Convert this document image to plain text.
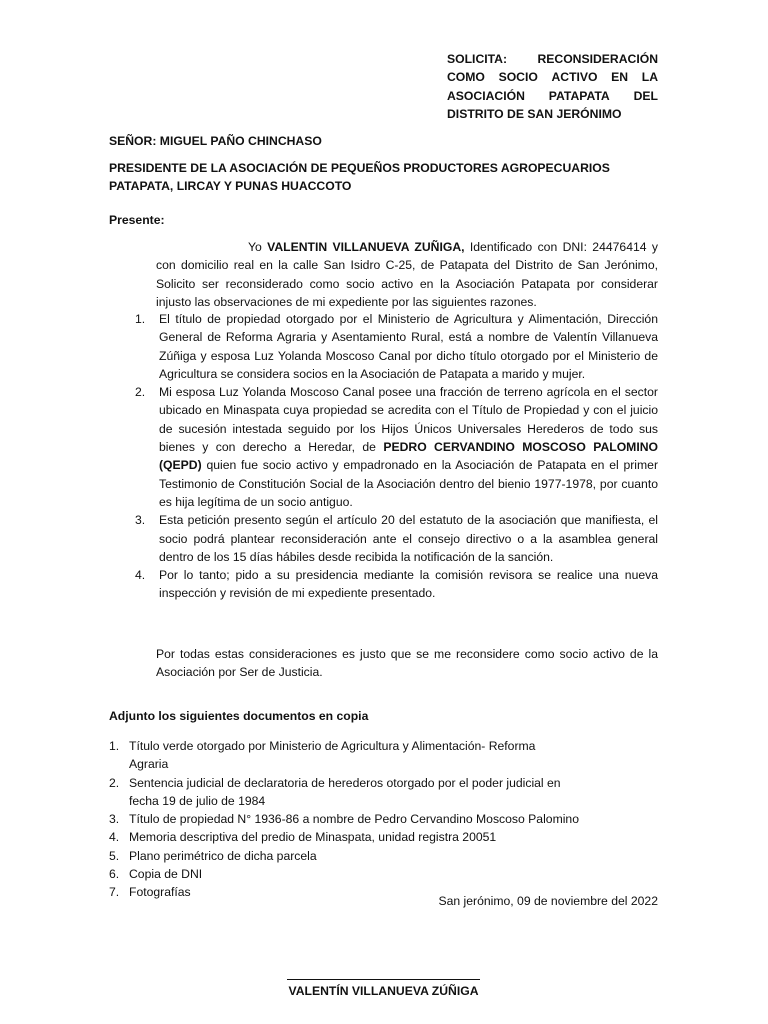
SOLICITA: RECONSIDERACIÓN
COMO SOCIO ACTIVO EN LA
ASOCIACIÓN PATAPATA DEL
DISTRITO DE SAN JERÓNIMO
SEÑOR: MIGUEL PAÑO CHINCHASO
PRESIDENTE DE LA ASOCIACIÓN DE PEQUEÑOS PRODUCTORES AGROPECUARIOS
PATAPATA, LIRCAY Y PUNAS HUACCOTO
Presente:
Yo VALENTIN VILLANUEVA ZUÑIGA, Identificado con DNI: 24476414 y con domicilio real en la calle San Isidro C-25, de Patapata del Distrito de San Jerónimo, Solicito ser reconsiderado como socio activo en la Asociación Patapata por considerar injusto las observaciones de mi expediente por las siguientes razones.
1.	El título de propiedad otorgado por el Ministerio de Agricultura y Alimentación, Dirección General de Reforma Agraria y Asentamiento Rural, está a nombre de Valentín Villanueva Zúñiga y esposa Luz Yolanda Moscoso Canal por dicho título otorgado por el Ministerio de Agricultura se considera socios en la Asociación de Patapata a marido y mujer.
2.	Mi esposa Luz Yolanda Moscoso Canal posee una fracción de terreno agrícola en el sector ubicado en Minaspata cuya propiedad se acredita con el Título de Propiedad y con el juicio de sucesión intestada seguido por los Hijos Únicos Universales Herederos de todo sus bienes y con derecho a Heredar, de PEDRO CERVANDINO MOSCOSO PALOMINO (QEPD) quien fue socio activo y empadronado en la Asociación de Patapata en el primer Testimonio de Constitución Social de la Asociación dentro del bienio 1977-1978, por cuanto es hija legítima de un socio antiguo.
3.	Esta petición presento según el artículo 20 del estatuto de la asociación que manifiesta, el socio podrá plantear reconsideración ante el consejo directivo o a la asamblea general dentro de los 15 días hábiles desde recibida la notificación de la sanción.
4.	Por lo tanto; pido a su presidencia mediante la comisión revisora se realice una nueva inspección y revisión de mi expediente presentado.
Por todas estas consideraciones es justo que se me reconsidere como socio activo de la Asociación por Ser de Justicia.
Adjunto los siguientes documentos en copia
1. Título verde otorgado por Ministerio de Agricultura y Alimentación- Reforma
Agraria
2. Sentencia judicial de declaratoria de herederos otorgado por el poder judicial en
fecha 19 de julio de 1984
3. Título de propiedad N° 1936-86 a nombre de Pedro Cervandino Moscoso Palomino
4. Memoria descriptiva del predio de Minaspata, unidad registra 20051
5. Plano perimétrico de dicha parcela
6. Copia de DNI
7. Fotografías
San jerónimo, 09 de noviembre del 2022
VALENTÍN VILLANUEVA ZÚÑIGA
